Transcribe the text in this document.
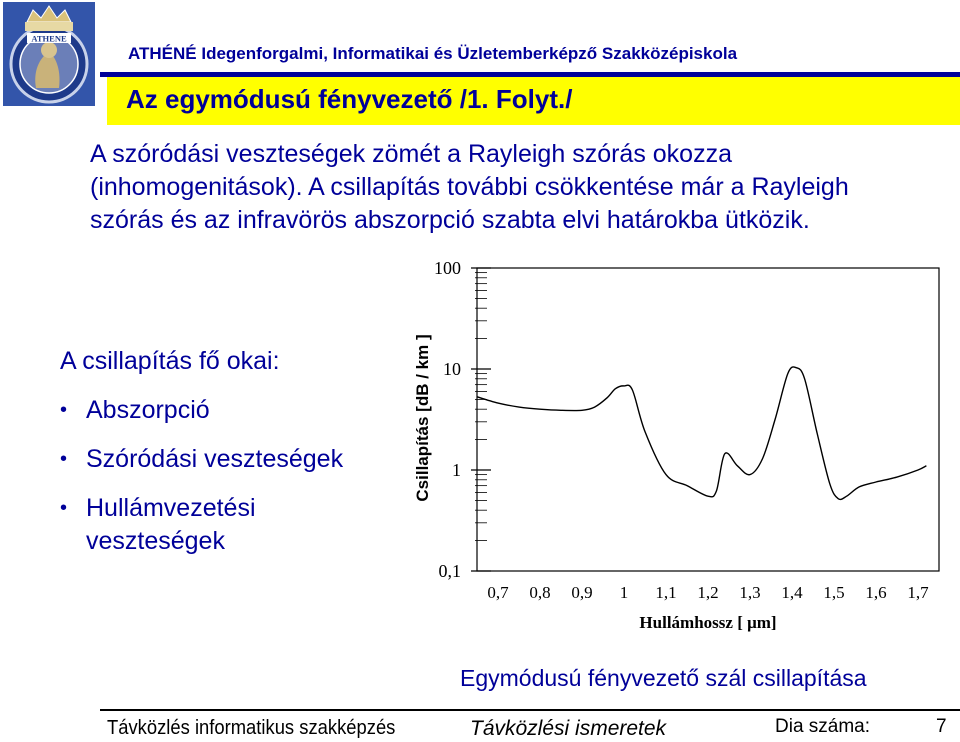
ATHENE
ATHÉNÉ Idegenforgalmi, Informatikai és Üzletemberképző Szakközépiskola
Az egymódusú fényvezető /1. Folyt./
A szóródási veszteségek zömét a Rayleigh szórás okozza (inhomogenitások). A csillapítás további csökkentése már a Rayleigh szórás és az infravörös abszorpció szabta elvi határokba ütközik.
A csillapítás fő okai:
• Abszorpció
• Szóródási veszteségek
• Hullámvezetési veszteségek
0,1
1
10
100
0,7 0,8 0,9 1 1,1 1,2 1,3 1,4 1,5 1,6 1,7
Csillapítás [dB / km ]
Hullámhossz [ μm]
Egymódusú fényvezető szál csillapítása
Távközlés informatikus szakképzés	Távközlési ismeretek	Dia száma:	7
